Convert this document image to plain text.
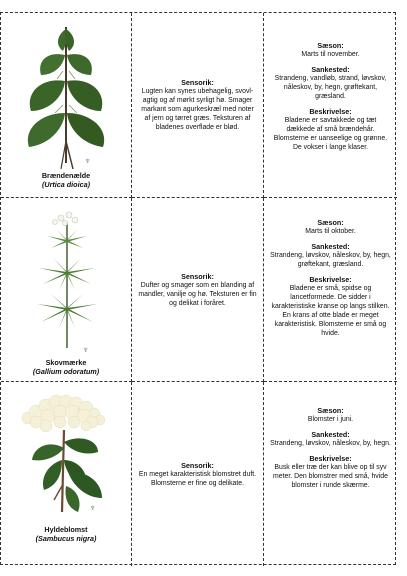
♆
Brændenælde
(Urtica dioica)
Sensorik:
Lugten kan synes ubehagelig, svovl-agtig og af mørkt syrligt hø. Smager markant som agurkeskræl med noter af jern og tørret græs. Teksturen af bladenes overflade er blød.
Sæson:
Marts til november.
Sankested:
Strandeng, vandløb, strand, løvskov, nåleskov, by, hegn, grøftekant, græsland.
Beskrivelse:
Bladene er savtakkede og tæt dækkede af små brændehår. Blomsterne er uanseelige og grønne. De vokser i lange klaser.
♆
Skovmærke
(Gallium odoratum)
Sensorik:
Dufter og smager som en blanding af mandler, vanilje og hø. Teksturen er fin og delikat i foråret.
Sæson:
Marts til oktober.
Sankested:
Strandeng, løvskov, nåleskov, by, hegn, grøftekant, græsland.
Beskrivelse:
Bladene er små, spidse og lancetformede. De sidder i karakteristiske kranse op langs stilken. En krans af otte blade er meget karakteristisk. Blomsterne er små og hvide.
♆
Hyldeblomst
(Sambucus nigra)
Sensorik:
En meget karakteristisk blomstret duft. Blomsterne er fine og delikate.
Sæson:
Blomster i juni.
Sankested:
Strandeng, løvskov, nåleskov, by, hegn.
Beskrivelse:
Busk eller træ der kan blive op til syv meter. Den blomstrer med små, hvide blomster i runde skærme.
